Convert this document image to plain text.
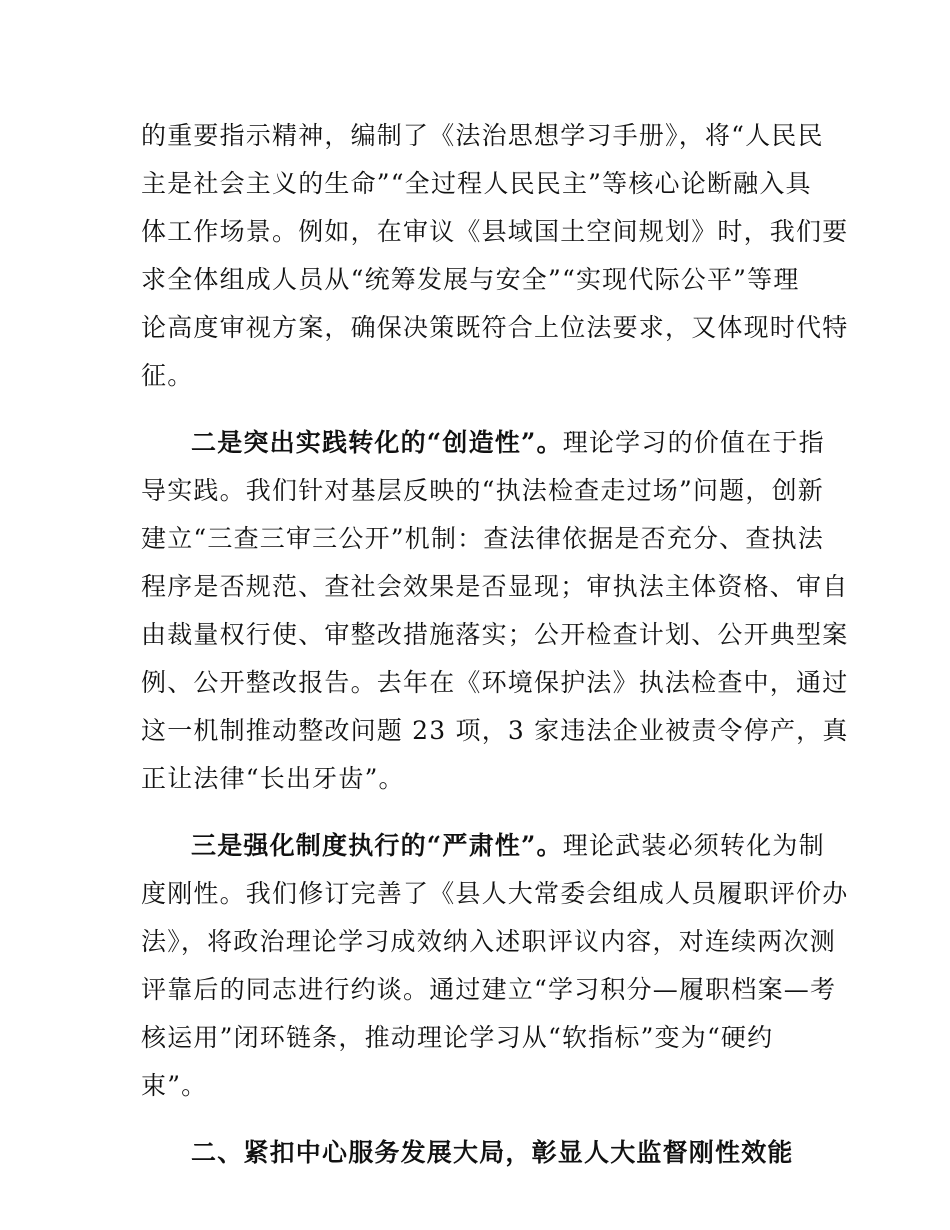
的重要指示精神，编制了《法治思想学习手册》，将“人民民
主是社会主义的生命”“全过程人民民主”等核心论断融入具
体工作场景。例如，在审议《县域国土空间规划》时，我们要
求全体组成人员从“统筹发展与安全”“实现代际公平”等理
论高度审视方案，确保决策既符合上位法要求，又体现时代特
征。
二是突出实践转化的“创造性”。理论学习的价值在于指
导实践。我们针对基层反映的“执法检查走过场”问题，创新
建立“三查三审三公开”机制：查法律依据是否充分、查执法
程序是否规范、查社会效果是否显现；审执法主体资格、审自
由裁量权行使、审整改措施落实；公开检查计划、公开典型案
例、公开整改报告。去年在《环境保护法》执法检查中，通过
这一机制推动整改问题 23 项，3 家违法企业被责令停产，真
正让法律“长出牙齿”。
三是强化制度执行的“严肃性”。理论武装必须转化为制
度刚性。我们修订完善了《县人大常委会组成人员履职评价办
法》，将政治理论学习成效纳入述职评议内容，对连续两次测
评靠后的同志进行约谈。通过建立“学习积分—履职档案—考
核运用”闭环链条，推动理论学习从“软指标”变为“硬约
束”。
二、紧扣中心服务发展大局，彰显人大监督刚性效能
